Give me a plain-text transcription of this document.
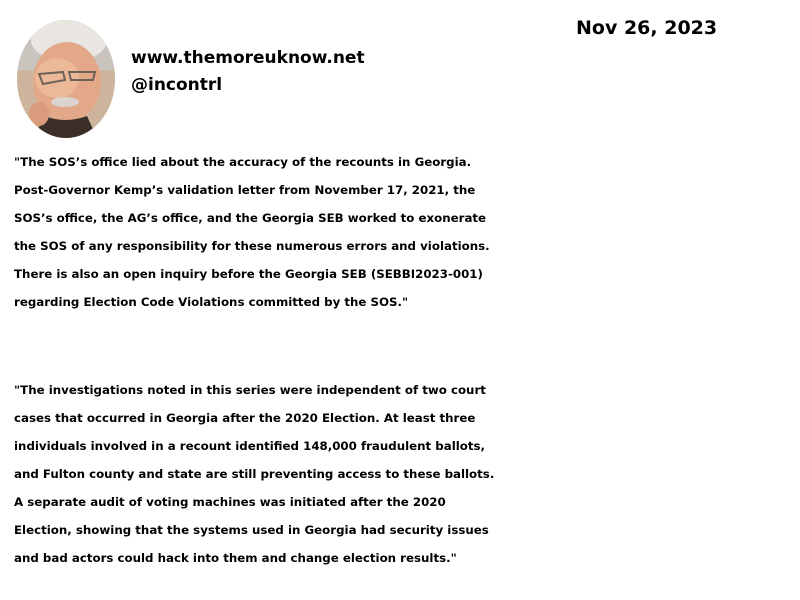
www.themoreuknow.net
@incontrl
Nov 26, 2023
"The SOS’s office lied about the accuracy of the recounts in Georgia.
Post-Governor Kemp’s validation letter from November 17, 2021, the
SOS’s office, the AG’s office, and the Georgia SEB worked to exonerate
the SOS of any responsibility for these numerous errors and violations.
There is also an open inquiry before the Georgia SEB (SEBBI2023-001)
regarding Election Code Violations committed by the SOS."
"The investigations noted in this series were independent of two court
cases that occurred in Georgia after the 2020 Election. At least three
individuals involved in a recount identified 148,000 fraudulent ballots,
and Fulton county and state are still preventing access to these ballots.
A separate audit of voting machines was initiated after the 2020
Election, showing that the systems used in Georgia had security issues
and bad actors could hack into them and change election results."
